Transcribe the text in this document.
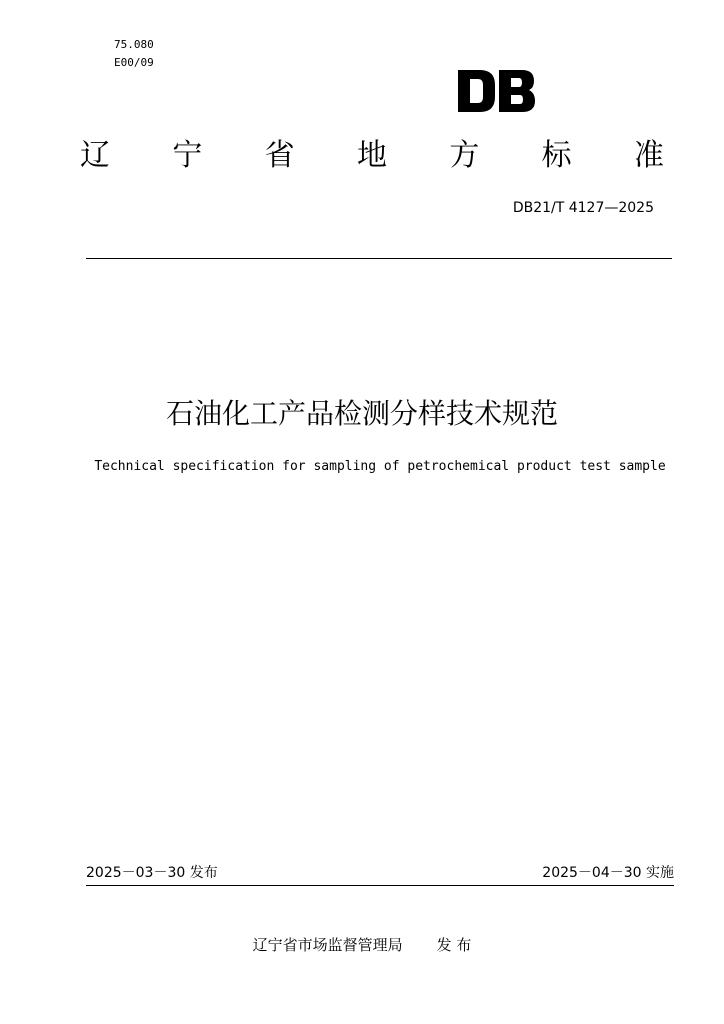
75.080
E00/09
辽 宁 省 地 方 标 准
DB21/T 4127—2025
石油化工产品检测分样技术规范
Technical specification for sampling of petrochemical product test sample
2025－03－30 发布	2025－04－30 实施
辽宁省市场监督管理局 发 布
